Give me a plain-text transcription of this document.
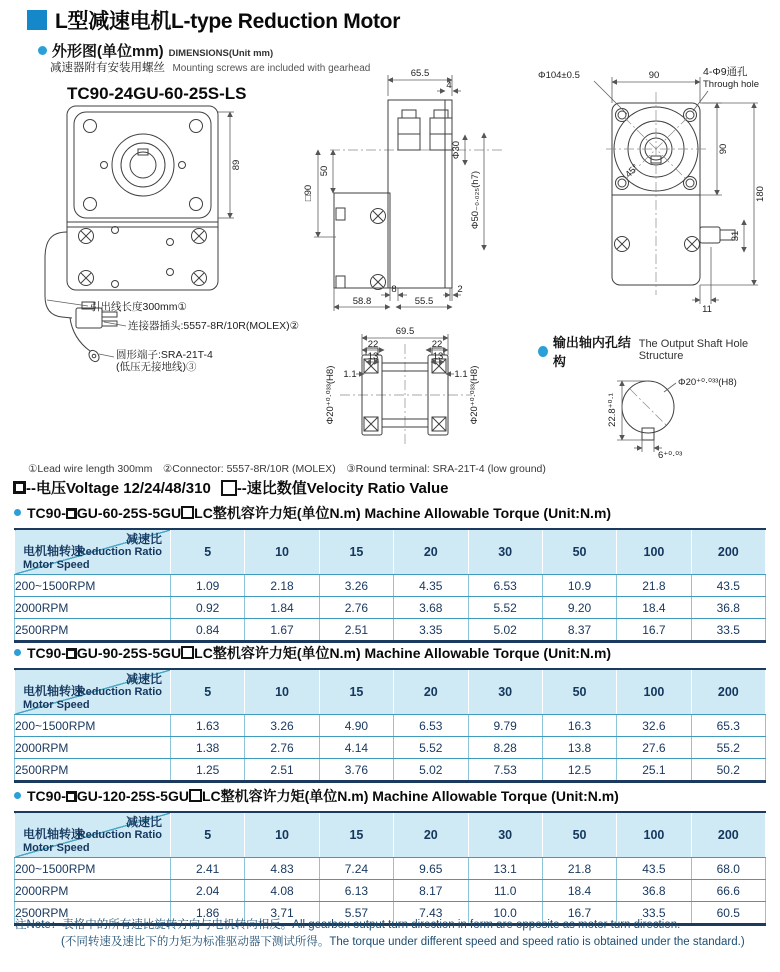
L型减速电机L-type Reduction Motor
外形图(单位mm) DIMENSIONS(Unit mm)
减速器附有安装用螺丝 Mounting screws are included with gearhead
TC90-24GU-60-25S-LS
89
引出线长度300mm①
连接器插头:5557-8R/10R(MOLEX)②
圆形端子:SRA-21T-4
(低压无接地线)③
65.5
4
Φ30
Φ50₋₀.₀₂₅(h7)
50
□90
8	2
58.8	55.5
90
Φ104±0.5	4-Φ9通孔
Through hole
45°
90
180
31
11
69.5
22	22
13	13
1.1	1.1
Φ20⁺⁰·⁰³³(H8)	Φ20⁺⁰·⁰³³(H8)	22.8⁺⁰·¹
Φ20⁺⁰·⁰³³(H8)
6⁺⁰·⁰³
输出轴内孔结构
The Output Shaft Hole Structure
①Lead wire length 300mm　②Connector: 5557-8R/10R (MOLEX)　③Round terminal: SRA-21T-4 (low ground)
--电压Voltage 12/24/48/310 --速比数值Velocity Ratio Value
TC90- GU-60-25S-5GU LC整机容许力矩(单位N.m) Machine Allowable Torque (Unit:N.m)
减速比
Reduction Ratio
电机轴转速
Motor Speed	5	10	15	20	30	50	100	200
200~1500RPM	1.09	2.18	3.26	4.35	6.53	10.9	21.8	43.5
2000RPM	0.92	1.84	2.76	3.68	5.52	9.20	18.4	36.8
2500RPM	0.84	1.67	2.51	3.35	5.02	8.37	16.7	33.5
TC90- GU-90-25S-5GU LC整机容许力矩(单位N.m) Machine Allowable Torque (Unit:N.m)
减速比
Reduction Ratio
电机轴转速
Motor Speed	5	10	15	20	30	50	100	200
200~1500RPM	1.63	3.26	4.90	6.53	9.79	16.3	32.6	65.3
2000RPM	1.38	2.76	4.14	5.52	8.28	13.8	27.6	55.2
2500RPM	1.25	2.51	3.76	5.02	7.53	12.5	25.1	50.2
TC90- GU-120-25S-5GU LC整机容许力矩(单位N.m) Machine Allowable Torque (Unit:N.m)
减速比
Reduction Ratio
电机轴转速
Motor Speed	5	10	15	20	30	50	100	200
200~1500RPM	2.41	4.83	7.24	9.65	13.1	21.8	43.5	68.0
2000RPM	2.04	4.08	6.13	8.17	11.0	18.4	36.8	66.6
2500RPM	1.86	3.71	5.57	7.43	10.0	16.7	33.5	60.5
注Note：表格中的所有速比旋转方向与电机转向相反。All gearbox output turn direction in form are opposite as motor turn direction.
(不同转速及速比下的力矩为标准驱动器下测试所得。The torque under different speed and speed ratio is obtained under the standard.)
